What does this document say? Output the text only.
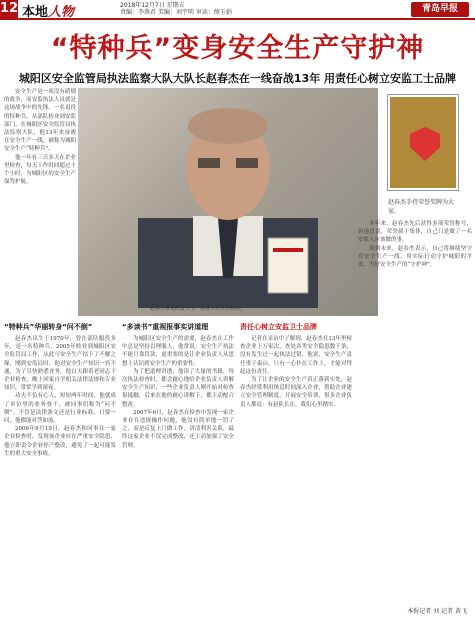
12 本地人物	2018年12月7日 星期五
责编：李燕君 美编：刘宇明 审读：薛玉娟	青岛早报
“特种兵”变身安全生产守护神
城阳区安全监管局执法监察大队大队长赵春杰在一线奋战13年 用责任心树立安监工士品牌

安全生产是一项没有硝烟的战争，而安监执法人员就是这场战争中的先锋。一名退役的特种兵，从部队转业到安监部门，在城阳区安全监管局执法监察大队，他13年来奋战在安全生产一线，被称为城阳安全生产“特种兵”。

他一年有三百多天在企业里检查，每天工作时间超过十个小时，为城阳区的安全生产保驾护航。

赵春杰带来的安全生产检查工作宣传材料。
赵春杰手持荣誉奖牌为大家。
“特种兵”华丽转身“问不倒”

赵春杰出生于1970年，曾在部队服役多年，是一名特种兵。2005年转业到城阳区安全监管局工作，从此与安全生产结下了不解之缘。刚到安监局时，他对安全生产知识一窍不通，为了尽快熟悉业务，他白天跟着老同志下企业检查，晚上回家自学相关法律法规和专业知识，常常学到深夜。

功夫不负有心人，短短两年时间，他就成了单位里的业务骨干，被同事们称为“问不倒”。不管是法律条文还是行业标准，只要一问，他都能对答如流。

2006年9月19日，赵春杰和同事在一家企业检查时，发现该企业存在严重安全隐患，他立即责令企业停产整改，避免了一起可能发生的重大安全事故。

“多读书”重视报事实讲道理

为城阳区安全生产的需要，赵春杰在工作中总是坚持以理服人，他常说：安全生产执法不能只靠罚款，更重要的是让企业负责人从思想上认识到安全生产的重要性。

为了把道理讲透，他读了大量的书籍，每次执法检查时，都会耐心地给企业负责人讲解安全生产知识，一些企业负责人刚开始对检查很抵触，后来在他的耐心讲解下，都主动配合整改。

2007年6月，赵春杰在检查中发现一家企业存在违规操作问题，他没有简单地一罚了之，而是反复上门做工作，讲清利害关系，最终这家企业不仅完成整改，还主动加强了安全管理。

责任心树立安监卫士品牌

记者在采访中了解到，赵春杰在13年里检查企业上万家次，查处各类安全隐患数千条，没有发生过一起执法过错。他说，安全生产责任重于泰山，只有一心扑在工作上，才能对得起这份责任。

为了让企业的安全生产真正落到实处，赵春杰经常利用休息时间深入企业，帮助企业建立安全管理制度，开展安全培训，很多企业负责人都说：有赵队长在，我们心里踏实。

多年来，赵春杰先后获得多项荣誉称号，但他总说，荣誉属于集体，自己只是做了一名安监人应该做的事。

谈到未来，赵春杰表示，自己将继续坚守在安全生产一线，用实际行动守护城阳的平安，当好安全生产的“守护神”。

本报记者 刘 记者 黄飞
